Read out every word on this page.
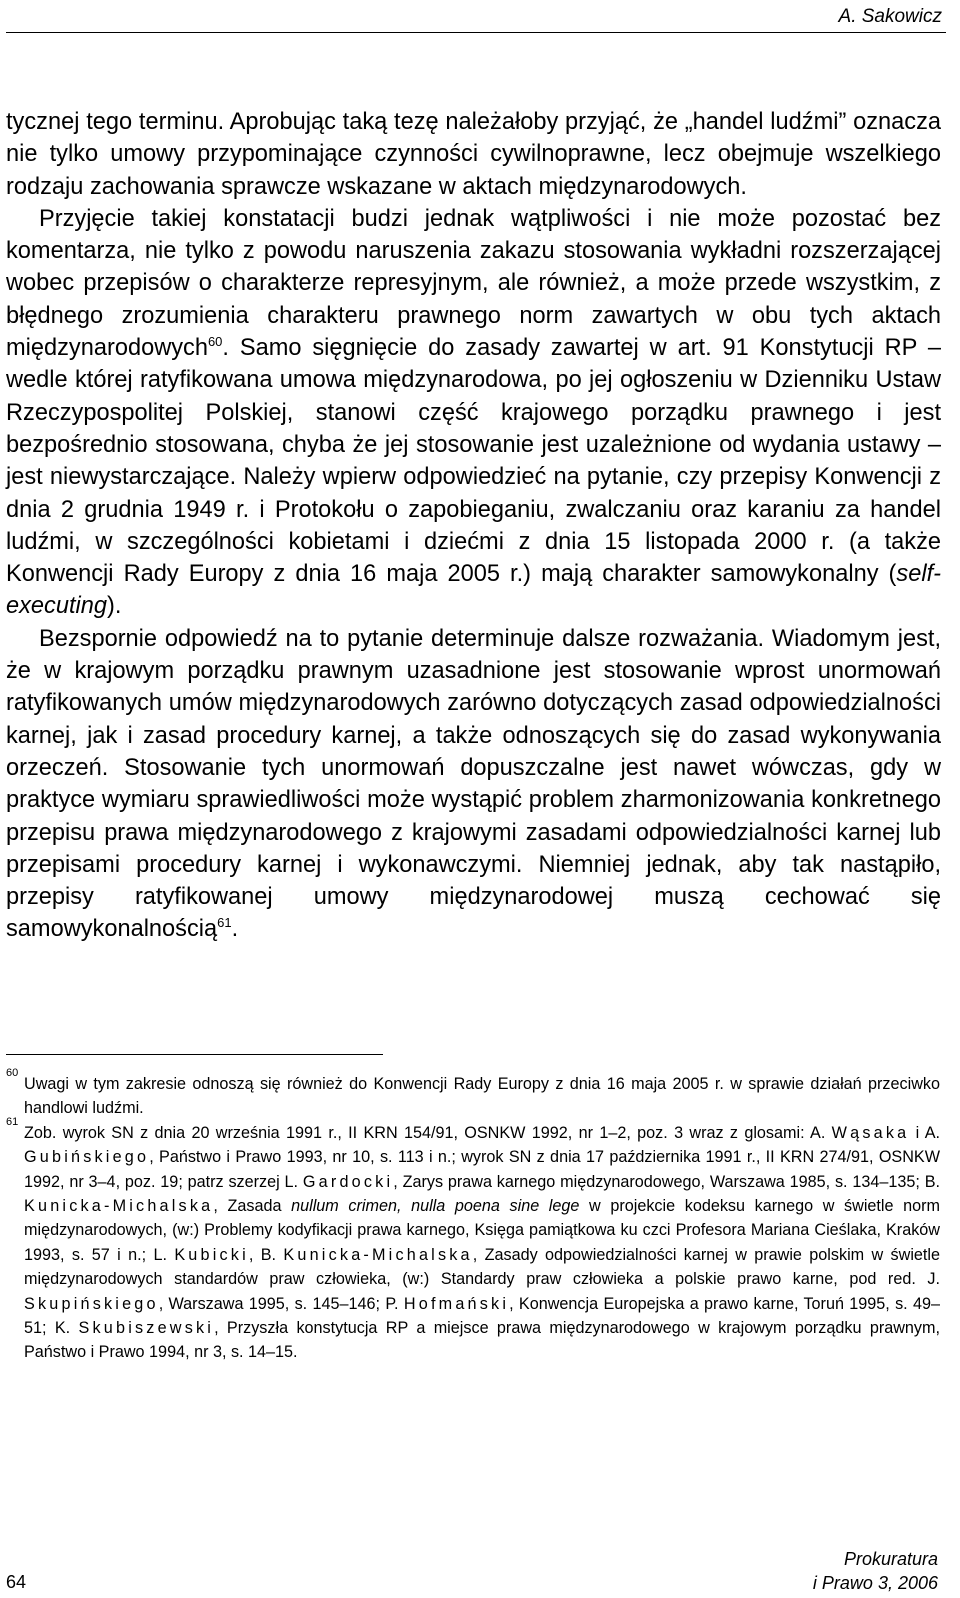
A. Sakowicz

tycznej tego terminu. Aprobując taką tezę należałoby przyjąć, że „handel ludźmi” oznacza nie tylko umowy przypominające czynności cywilnoprawne, lecz obejmuje wszelkiego rodzaju zachowania sprawcze wskazane w aktach międzynarodowych.

Przyjęcie takiej konstatacji budzi jednak wątpliwości i nie może pozostać bez komentarza, nie tylko z powodu naruszenia zakazu stosowania wykładni rozszerzającej wobec przepisów o charakterze represyjnym, ale również, a może przede wszystkim, z błędnego zrozumienia charakteru prawnego norm zawartych w obu tych aktach międzynarodowych$^{60}$. Samo sięgnięcie do zasady zawartej w art. 91 Konstytucji RP – wedle której ratyfikowana umowa międzynarodowa, po jej ogłoszeniu w Dzienniku Ustaw Rzeczypospolitej Polskiej, stanowi część krajowego porządku prawnego i jest bezpośrednio stosowana, chyba że jej stosowanie jest uzależnione od wydania ustawy – jest niewystarczające. Należy wpierw odpowiedzieć na pytanie, czy przepisy Konwencji z dnia 2 grudnia 1949 r. i Protokołu o zapobieganiu, zwalczaniu oraz karaniu za handel ludźmi, w szczególności kobietami i dziećmi z dnia 15 listopada 2000 r. (a także Konwencji Rady Europy z dnia 16 maja 2005 r.) mają charakter samowykonalny (self-executing).

Bezspornie odpowiedź na to pytanie determinuje dalsze rozważania. Wiadomym jest, że w krajowym porządku prawnym uzasadnione jest stosowanie wprost unormowań ratyfikowanych umów międzynarodowych zarówno dotyczących zasad odpowiedzialności karnej, jak i zasad procedury karnej, a także odnoszących się do zasad wykonywania orzeczeń. Stosowanie tych unormowań dopuszczalne jest nawet wówczas, gdy w praktyce wymiaru sprawiedliwości może wystąpić problem zharmonizowania konkretnego przepisu prawa międzynarodowego z krajowymi zasadami odpowiedzialności karnej lub przepisami procedury karnej i wykonawczymi. Niemniej jednak, aby tak nastąpiło, przepisy ratyfikowanej umowy międzynarodowej muszą cechować się samowykonalnością$^{61}$.

60
Uwagi w tym zakresie odnoszą się również do Konwencji Rady Europy z dnia 16 maja 2005 r. w sprawie działań przeciwko handlowi ludźmi.

61
Zob. wyrok SN z dnia 20 września 1991 r., II KRN 154/91, OSNKW 1992, nr 1–2, poz. 3 wraz z glosami: A. Wąsaka i A. Gubińskiego, Państwo i Prawo 1993, nr 10, s. 113 i n.; wyrok SN z dnia 17 października 1991 r., II KRN 274/91, OSNKW 1992, nr 3–4, poz. 19; patrz szerzej L. Gardocki, Zarys prawa karnego międzynarodowego, Warszawa 1985, s. 134–135; B. Kunicka-Michalska, Zasada nullum crimen, nulla poena sine lege w projekcie kodeksu karnego w świetle norm międzynarodowych, (w:) Problemy kodyfikacji prawa karnego, Księga pamiątkowa ku czci Profesora Mariana Cieślaka, Kraków 1993, s. 57 i n.; L. Kubicki, B. Kunicka-Michalska, Zasady odpowiedzialności karnej w prawie polskim w świetle międzynarodowych standardów praw człowieka, (w:) Standardy praw człowieka a polskie prawo karne, pod red. J. Skupińskiego, Warszawa 1995, s. 145–146; P. Hofmański, Konwencja Europejska a prawo karne, Toruń 1995, s. 49–51; K. Skubiszewski, Przyszła konstytucja RP a miejsce prawa międzynarodowego w krajowym porządku prawnym, Państwo i Prawo 1994, nr 3, s. 14–15.

64
Prokuratura
i Prawo 3, 2006
